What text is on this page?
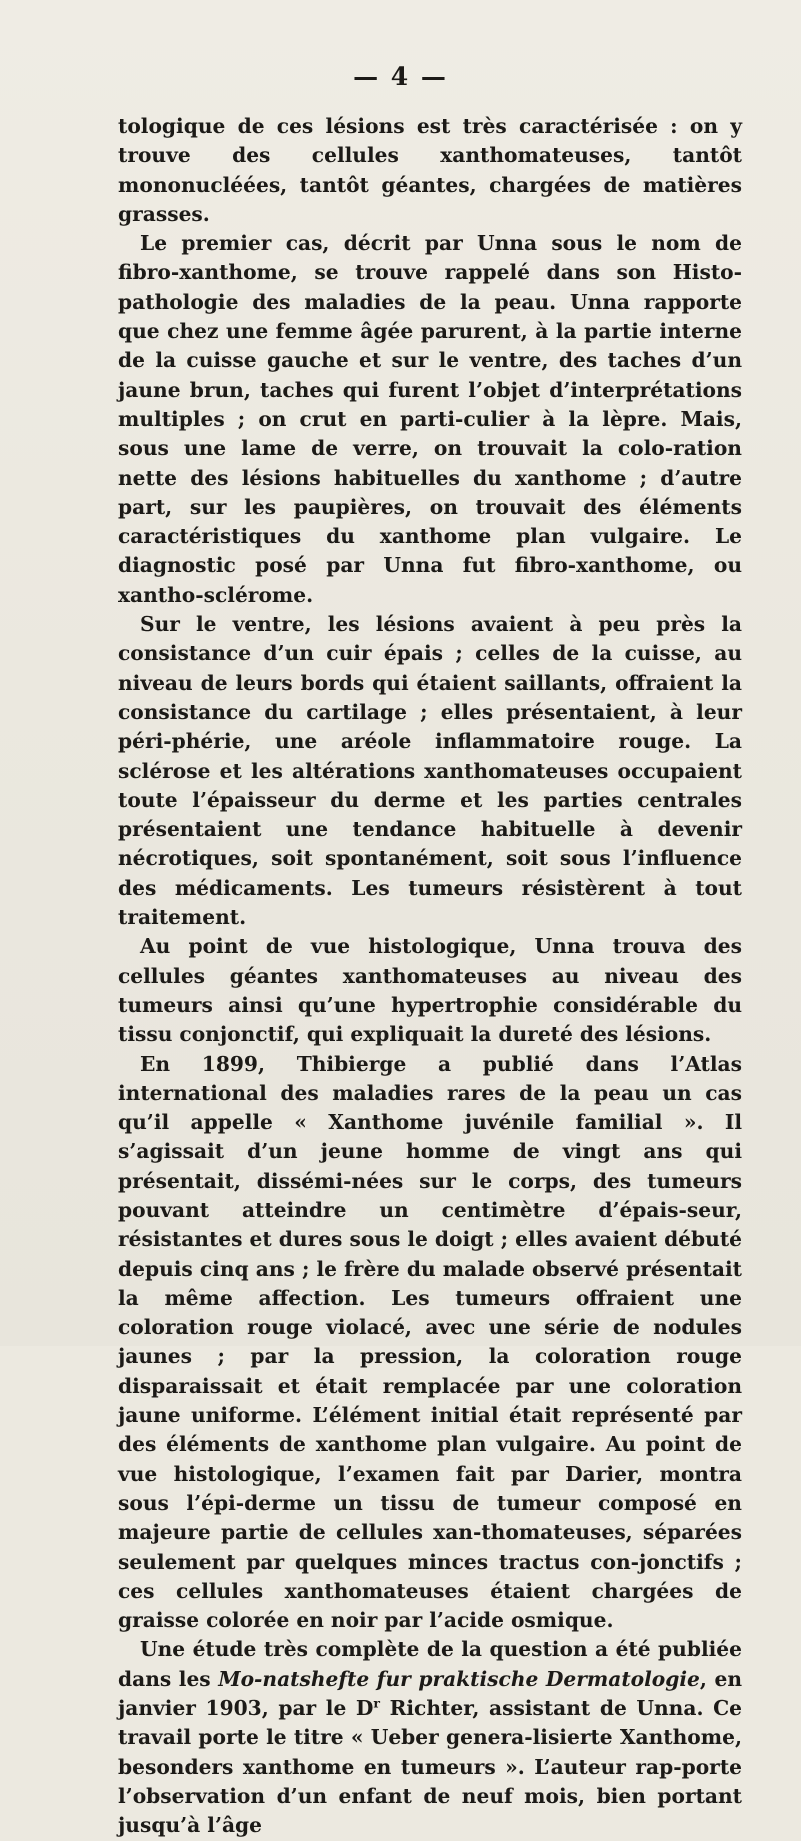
— 4 —

tologique de ces lésions est très caractérisée : on y trouve des cellules xanthomateuses, tantôt mononucléées, tantôt géantes, chargées de matières grasses.

Le premier cas, décrit par Unna sous le nom de fibro-xanthome, se trouve rappelé dans son Histo-pathologie des maladies de la peau. Unna rapporte que chez une femme âgée parurent, à la partie interne de la cuisse gauche et sur le ventre, des taches d’un jaune brun, taches qui furent l’objet d’interprétations multiples ; on crut en parti-culier à la lèpre. Mais, sous une lame de verre, on trouvait la colo-ration nette des lésions habituelles du xanthome ; d’autre part, sur les paupières, on trouvait des éléments caractéristiques du xanthome plan vulgaire. Le diagnostic posé par Unna fut fibro-xanthome, ou xantho-sclérome.

Sur le ventre, les lésions avaient à peu près la consistance d’un cuir épais ; celles de la cuisse, au niveau de leurs bords qui étaient saillants, offraient la consistance du cartilage ; elles présentaient, à leur péri-phérie, une aréole inflammatoire rouge. La sclérose et les altérations xanthomateuses occupaient toute l’épaisseur du derme et les parties centrales présentaient une tendance habituelle à devenir nécrotiques, soit spontanément, soit sous l’influence des médicaments. Les tumeurs résistèrent à tout traitement.

Au point de vue histologique, Unna trouva des cellules géantes xanthomateuses au niveau des tumeurs ainsi qu’une hypertrophie considérable du tissu conjonctif, qui expliquait la dureté des lésions.

En 1899, Thibierge a publié dans l’Atlas international des maladies rares de la peau un cas qu’il appelle « Xanthome juvénile familial ». Il s’agissait d’un jeune homme de vingt ans qui présentait, dissémi-nées sur le corps, des tumeurs pouvant atteindre un centimètre d’épais-seur, résistantes et dures sous le doigt ; elles avaient débuté depuis cinq ans ; le frère du malade observé présentait la même affection. Les tumeurs offraient une coloration rouge violacé, avec une série de nodules jaunes ; par la pression, la coloration rouge disparaissait et était remplacée par une coloration jaune uniforme. L’élément initial était représenté par des éléments de xanthome plan vulgaire. Au point de vue histologique, l’examen fait par Darier, montra sous l’épi-derme un tissu de tumeur composé en majeure partie de cellules xan-thomateuses, séparées seulement par quelques minces tractus con-jonctifs ; ces cellules xanthomateuses étaient chargées de graisse colorée en noir par l’acide osmique.

Une étude très complète de la question a été publiée dans les Mo-natshefte fur praktische Dermatologie, en janvier 1903, par le $D^r$ Richter, assistant de Unna. Ce travail porte le titre « Ueber genera-lisierte Xanthome, besonders xanthome en tumeurs ». L’auteur rap-porte l’observation d’un enfant de neuf mois, bien portant jusqu’à l’âge
